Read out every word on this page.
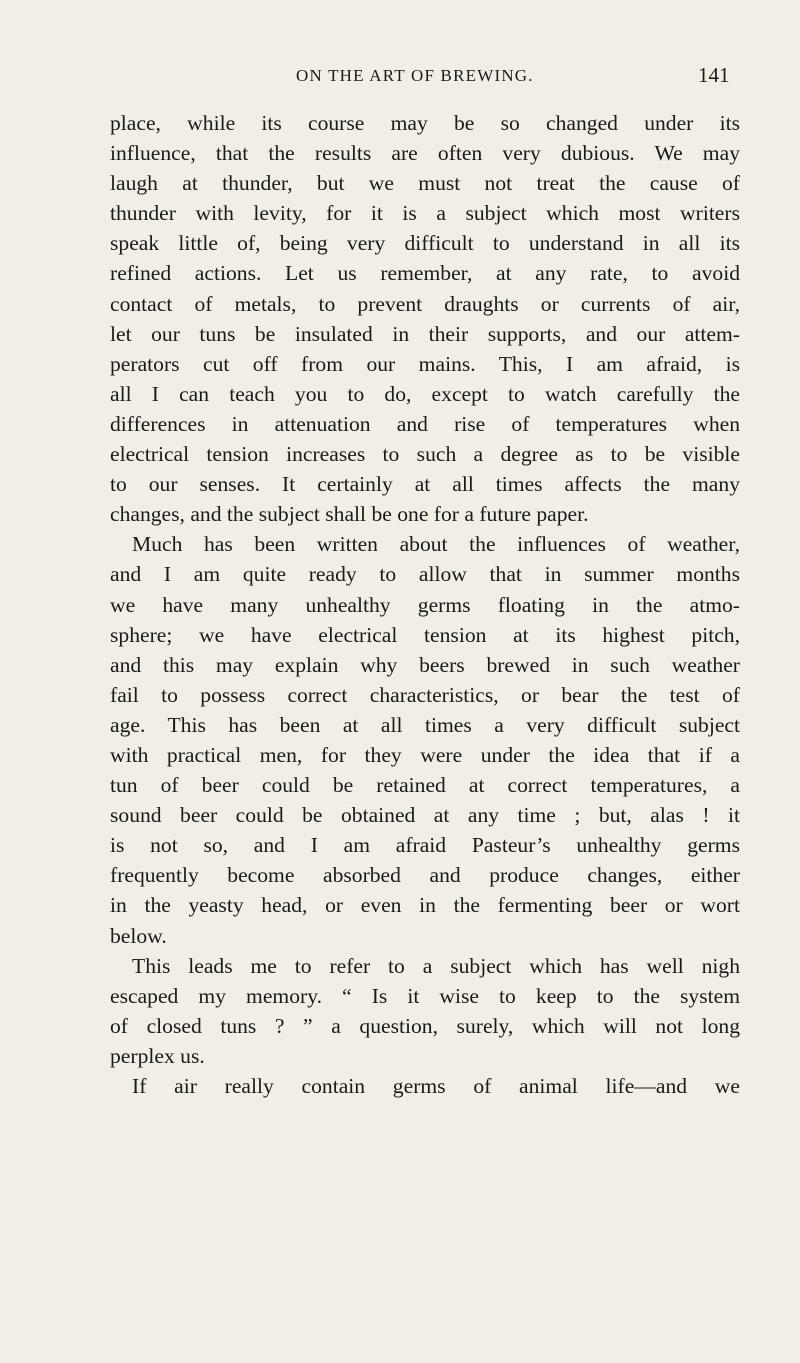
ON THE ART OF BREWING.	141
place, while its course may be so changed under its
influence, that the results are often very dubious. We may
laugh at thunder, but we must not treat the cause of
thunder with levity, for it is a subject which most writers
speak little of, being very difficult to understand in all its
refined actions. Let us remember, at any rate, to avoid
contact of metals, to prevent draughts or currents of air,
let our tuns be insulated in their supports, and our attem-
perators cut off from our mains. This, I am afraid, is
all I can teach you to do, except to watch carefully the
differences in attenuation and rise of temperatures when
electrical tension increases to such a degree as to be visible
to our senses. It certainly at all times affects the many
changes, and the subject shall be one for a future paper.
Much has been written about the influences of weather,
and I am quite ready to allow that in summer months
we have many unhealthy germs floating in the atmo-
sphere; we have electrical tension at its highest pitch,
and this may explain why beers brewed in such weather
fail to possess correct characteristics, or bear the test of
age. This has been at all times a very difficult subject
with practical men, for they were under the idea that if a
tun of beer could be retained at correct temperatures, a
sound beer could be obtained at any time ; but, alas ! it
is not so, and I am afraid Pasteur’s unhealthy germs
frequently become absorbed and produce changes, either
in the yeasty head, or even in the fermenting beer or wort
below.
This leads me to refer to a subject which has well nigh
escaped my memory. “ Is it wise to keep to the system
of closed tuns ? ” a question, surely, which will not long
perplex us.
If air really contain germs of animal life—and we
